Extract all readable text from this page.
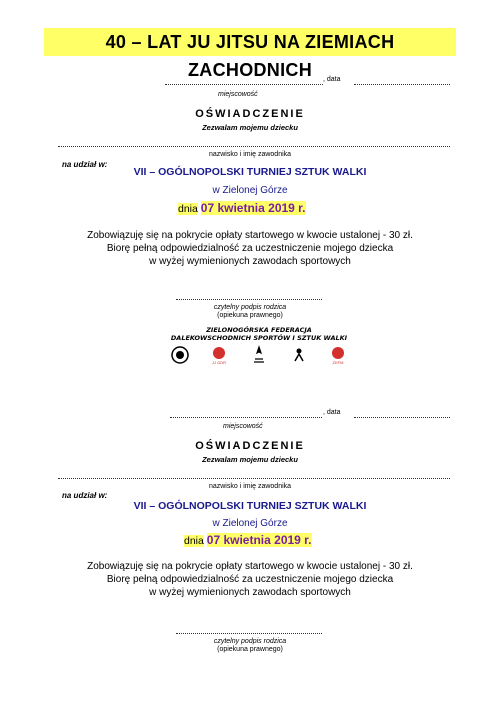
40 – LAT JU JITSU NA ZIEMIACH ZACHODNICH	, data
miejscowość
OŚWIADCZENIE
Zezwalam mojemu dziecku
nazwisko i imię zawodnika
na udział w:
VII – OGÓLNOPOLSKI TURNIEJ SZTUK WALKI
w Zielonej Górze
dnia 07 kwietnia 2019 r.
Zobowiązuję się na pokrycie opłaty startowego w kwocie ustalonej - 30 zł.
Biorę pełną odpowiedzialność za uczestniczenie mojego dziecka
w wyżej wymienionych zawodach sportowych
czytelny podpis rodzica
(opiekuna prawnego)
ZIELONOGÓRSKA FEDERACJA
DALEKOWSCHODNICH SPORTÓW I SZTUK WALKI
JJ GDR	ZKFM
, data
miejscowość
OŚWIADCZENIE
Zezwalam mojemu dziecku
nazwisko i imię zawodnika
na udział w:
VII – OGÓLNOPOLSKI TURNIEJ SZTUK WALKI
w Zielonej Górze
dnia 07 kwietnia 2019 r.
Zobowiązuję się na pokrycie opłaty startowego w kwocie ustalonej - 30 zł.
Biorę pełną odpowiedzialność za uczestniczenie mojego dziecka
w wyżej wymienionych zawodach sportowych
czytelny podpis rodzica
(opiekuna prawnego)
